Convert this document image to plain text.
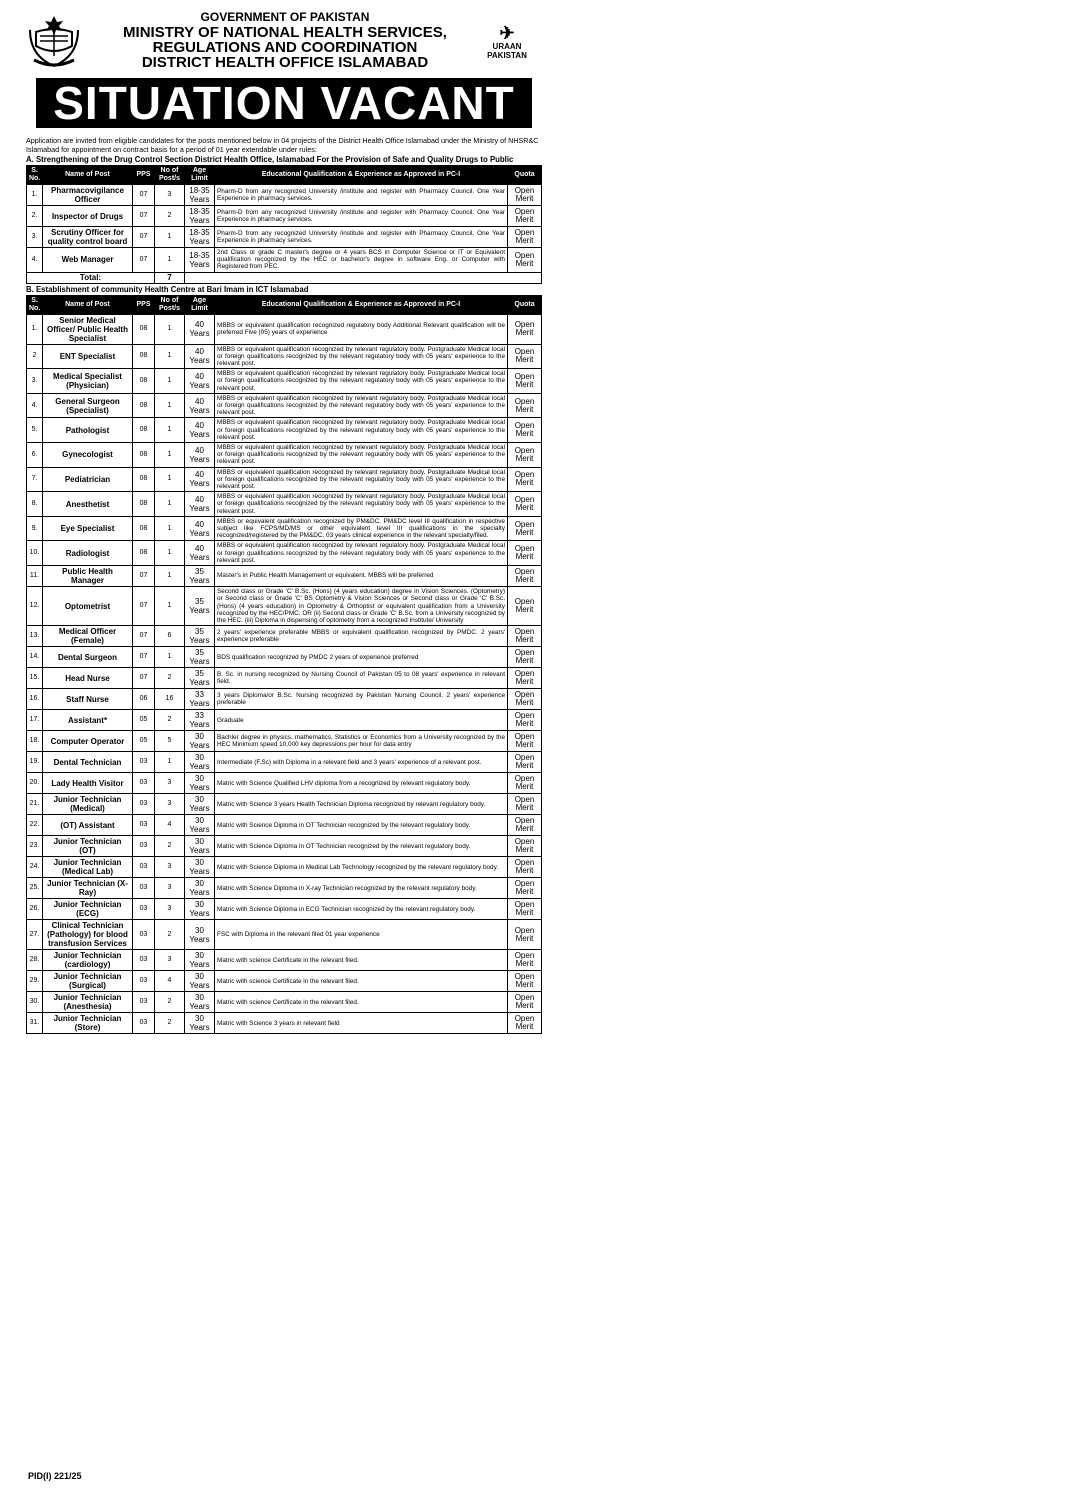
GOVERNMENT OF PAKISTAN
MINISTRY OF NATIONAL HEALTH SERVICES,
REGULATIONS AND COORDINATION
DISTRICT HEALTH OFFICE ISLAMABAD
✈
URAAN PAKISTAN
SITUATION VACANT
Application are invited from eligible candidates for the posts mentioned below in 04 projects of the District Health Office Islamabad under the Ministry of NHSR&C Islamabad for appointment on contract basis for a period of 01 year extendable under rules:
A. Strengthening of the Drug Control Section District Health Office, Islamabad For the Provision of Safe and Quality Drugs to Public
S. No.	Name of Post	PPS	No of Post/s	Age Limit	Educational Qualification & Experience as Approved in PC-I	Quota
1.	Pharmacovigilance Officer	07	3	18-35 Years	Pharm-D from any recognized University /institute and register with Pharmacy Council. One Year Experience in pharmacy services.	Open Merit
2.	Inspector of Drugs	07	2	18-35 Years	Pharm-D from any recognized University /institute and register with Pharmacy Council. One Year Experience in pharmacy services.	Open Merit
3.	Scrutiny Officer for quality control board	07	1	18-35 Years	Pharm-D from any recognized University /institute and register with Pharmacy Council. One Year Experience in pharmacy services.	Open Merit
4.	Web Manager	07	1	18-35 Years	2nd Class or grade C master's degree or 4 years BCS in Computer Science or IT or Equivalent qualification recognized by the HEC or bachelor's degree in software Eng. or Computer with Registered from PEC.	Open Merit
Total:			7			
B. Establishment of community Health Centre at Bari Imam in ICT Islamabad
S. No.	Name of Post	PPS	No of Post/s	Age Limit	Educational Qualification & Experience as Approved in PC-I	Quota
1.	Senior Medical Officer/ Public Health Specialist	08	1	40 Years	MBBS or equivalent qualification recognized regulatory body Additional Relevant qualification will be preferred Five (05) years of experience	Open Merit
2	ENT Specialist	08	1	40 Years	MBBS or equivalent qualification recognized by relevant regulatory body. Postgraduate Medical local or foreign qualifications recognized by the relevant regulatory body with 05 years' experience to the relevant post.	Open Merit
3.	Medical Specialist (Physician)	08	1	40 Years	MBBS or equivalent qualification recognized by relevant regulatory body. Postgraduate Medical local or foreign qualifications recognized by the relevant regulatory body with 05 years' experience to the relevant post.	Open Merit
4.	General Surgeon (Specialist)	08	1	40 Years	MBBS or equivalent qualification recognized by relevant regulatory body. Postgraduate Medical local or foreign qualifications recognized by the relevant regulatory body with 05 years' experience to the relevant post.	Open Merit
5.	Pathologist	08	1	40 Years	MBBS or equivalent qualification recognized by relevant regulatory body. Postgraduate Medical local or foreign qualifications recognized by the relevant regulatory body with 05 years' experience to the relevant post.	Open Merit
6.	Gynecologist	08	1	40 Years	MBBS or equivalent qualification recognized by relevant regulatory body. Postgraduate Medical local or foreign qualifications recognized by the relevant regulatory body with 05 years' experience to the relevant post.	Open Merit
7.	Pediatrician	08	1	40 Years	MBBS or equivalent qualification recognized by relevant regulatory body. Postgraduate Medical local or foreign qualifications recognized by the relevant regulatory body with 05 years' experience to the relevant post.	Open Merit
8.	Anesthetist	08	1	40 Years	MBBS or equivalent qualification recognized by relevant regulatory body. Postgraduate Medical local or foreign qualifications recognized by the relevant regulatory body with 05 years' experience to the relevant post.	Open Merit
9.	Eye Specialist	08	1	40 Years	MBBS or equivalent qualification recognized by PM&DC. PM&DC level III qualification in respective subject like FCPS/MD/MS or other equivalent level III qualifications in the specialty recognized/registered by the PM&DC. 03 years clinical experience in the relevant specialty/filed.	Open Merit
10.	Radiologist	08	1	40 Years	MBBS or equivalent qualification recognized by relevant regulatory body. Postgraduate Medical local or foreign qualifications recognized by the relevant regulatory body with 05 years' experience to the relevant post.	Open Merit
11.	Public Health Manager	07	1	35 Years	Master's in Public Health Management or equivalent. MBBS will be preferred	Open Merit
12.	Optometrist	07	1	35 Years	Second class or Grade 'C' B.Sc. (Hons) (4 years education) degree in Vision Sciences. (Optometry) or Second class or Grade 'C' BS Optometry & Vision Sciences or Second class or Grade 'C' B.Sc. (Hons) (4 years education) in Optometry & Orthoptist or equivalent qualification from a University recognized by the HEC/PMC. OR (ii) Second class or Grade 'C' B.Sc. from a University recognized by the HEC. (iii) Diploma in dispensing of optometry from a recognized Institute/ University	Open Merit
13.	Medical Officer (Female)	07	6	35 Years	2 years' experience preferable MBBS or equivalent qualification recognized by PMDC. 2 years' experience preferable	Open Merit
14.	Dental Surgeon	07	1	35 Years	BDS qualification recognized by PMDC 2 years of experience preferred	Open Merit
15.	Head Nurse	07	2	35 Years	B. Sc. in nursing recognized by Nursing Council of Pakistan 05 to 08 years' experience in relevant field.	Open Merit
16.	Staff Nurse	06	16	33 Years	3 years Diploma/or B.Sc. Nursing recognized by Pakistan Nursing Council. 2 years' experience preferable	Open Merit
17.	Assistant*	05	2	33 Years	Graduate	Open Merit
18.	Computer Operator	05	5	30 Years	Bachler degree in physics, mathematics, Statistics or Economics from a University recognized by the HEC Minimum speed 10,000 key depressions per hour for data entry	Open Merit
19.	Dental Technician	03	1	30 Years	Intermediate (F.Sc) with Diploma in a relevant field and 3 years' experience of a relevant post.	Open Merit
20.	Lady Health Visitor	03	3	30 Years	Matric with Science Qualified LHV diploma from a recognized by relevant regulatory body.	Open Merit
21.	Junior Technician (Medical)	03	3	30 Years	Matric with Science 3 years Health Technician Diploma recognized by relevant regulatory body.	Open Merit
22.	(OT) Assistant	03	4	30 Years	Matric with Science Diploma in OT Technician recognized by the relevant regulatory body.	Open Merit
23.	Junior Technician (OT)	03	2	30 Years	Matric with Science Diploma in OT Technician recognized by the relevant regulatory body.	Open Merit
24.	Junior Technician (Medical Lab)	03	3	30 Years	Matric with Science Diploma in Medical Lab Technology recognized by the relevant regulatory body.	Open Merit
25.	Junior Technician (X- Ray)	03	3	30 Years	Matric with Science Diploma in X-ray Technician recognized by the relevant regulatory body.	Open Merit
26.	Junior Technician (ECG)	03	3	30 Years	Matric with Science Diploma in ECG Technician recognized by the relevant regulatory body.	Open Merit
27.	Clinical Technician (Pathology) for blood transfusion Services	03	2	30 Years	FSC with Diploma in the relevant filed 01 year experience	Open Merit
28.	Junior Technician (cardiology)	03	3	30 Years	Matric with science Certificate in the relevant filed.	Open Merit
29.	Junior Technician (Surgical)	03	4	30 Years	Matric with science Certificate in the relevant filed.	Open Merit
30.	Junior Technician (Anesthesia)	03	2	30 Years	Matric with science Certificate in the relevant filed.	Open Merit
31.	Junior Technician (Store)	03	2	30 Years	Matric with Science 3 years in relevant field	Open Merit
PID(I) 221/25
